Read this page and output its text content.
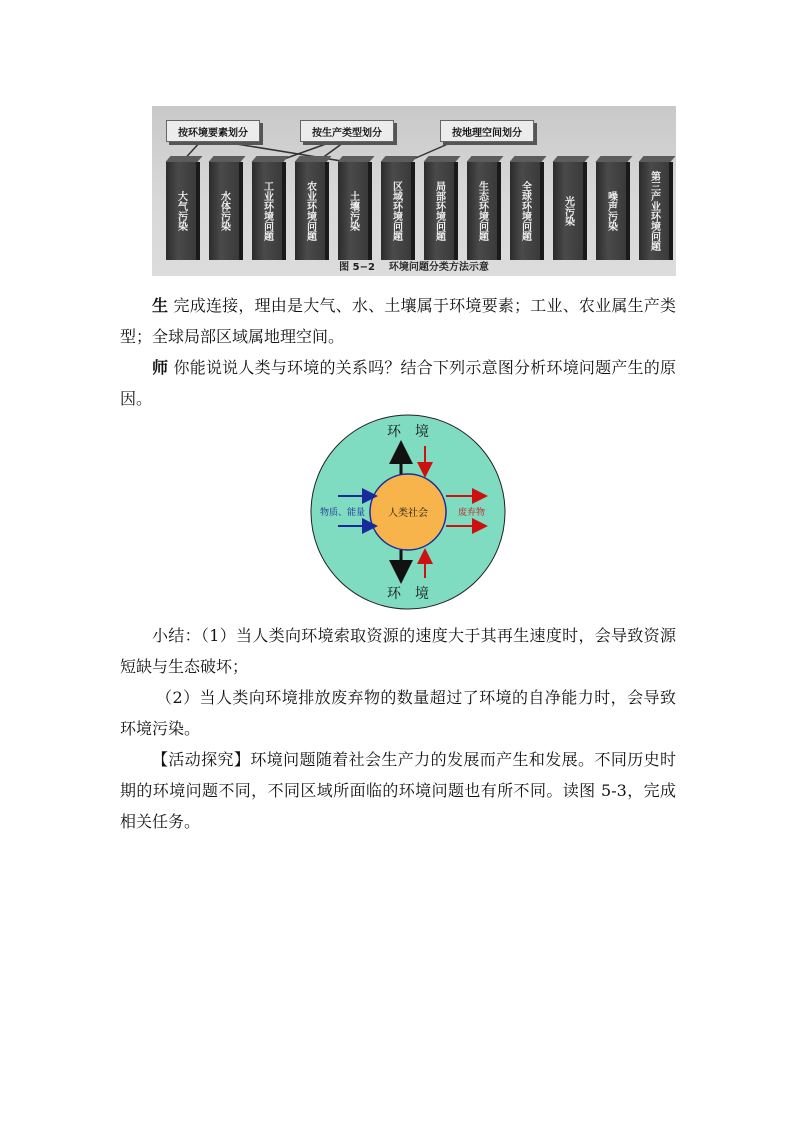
按环境要素划分	按生产类型划分	按地理空间划分
大气污染	水体污染	工业环境问题	农业环境问题	土壤污染	区域环境问题	局部环境问题	生态环境问题	全球环境问题	光污染	噪声污染	第三产业环境问题
图 5−2 环境问题分类方法示意

生 完成连接，理由是大气、水、土壤属于环境要素；工业、农业属生产类型；全球局部区域属地理空间。

师 你能说说人类与环境的关系吗？结合下列示意图分析环境问题产生的原因。

环　境
环　境
人类社会
物质、能量	废弃物

小结：（1）当人类向环境索取资源的速度大于其再生速度时，会导致资源短缺与生态破坏；

（2）当人类向环境排放废弃物的数量超过了环境的自净能力时，会导致环境污染。

【活动探究】环境问题随着社会生产力的发展而产生和发展。不同历史时期的环境问题不同，不同区域所面临的环境问题也有所不同。读图 5-3，完成相关任务。
